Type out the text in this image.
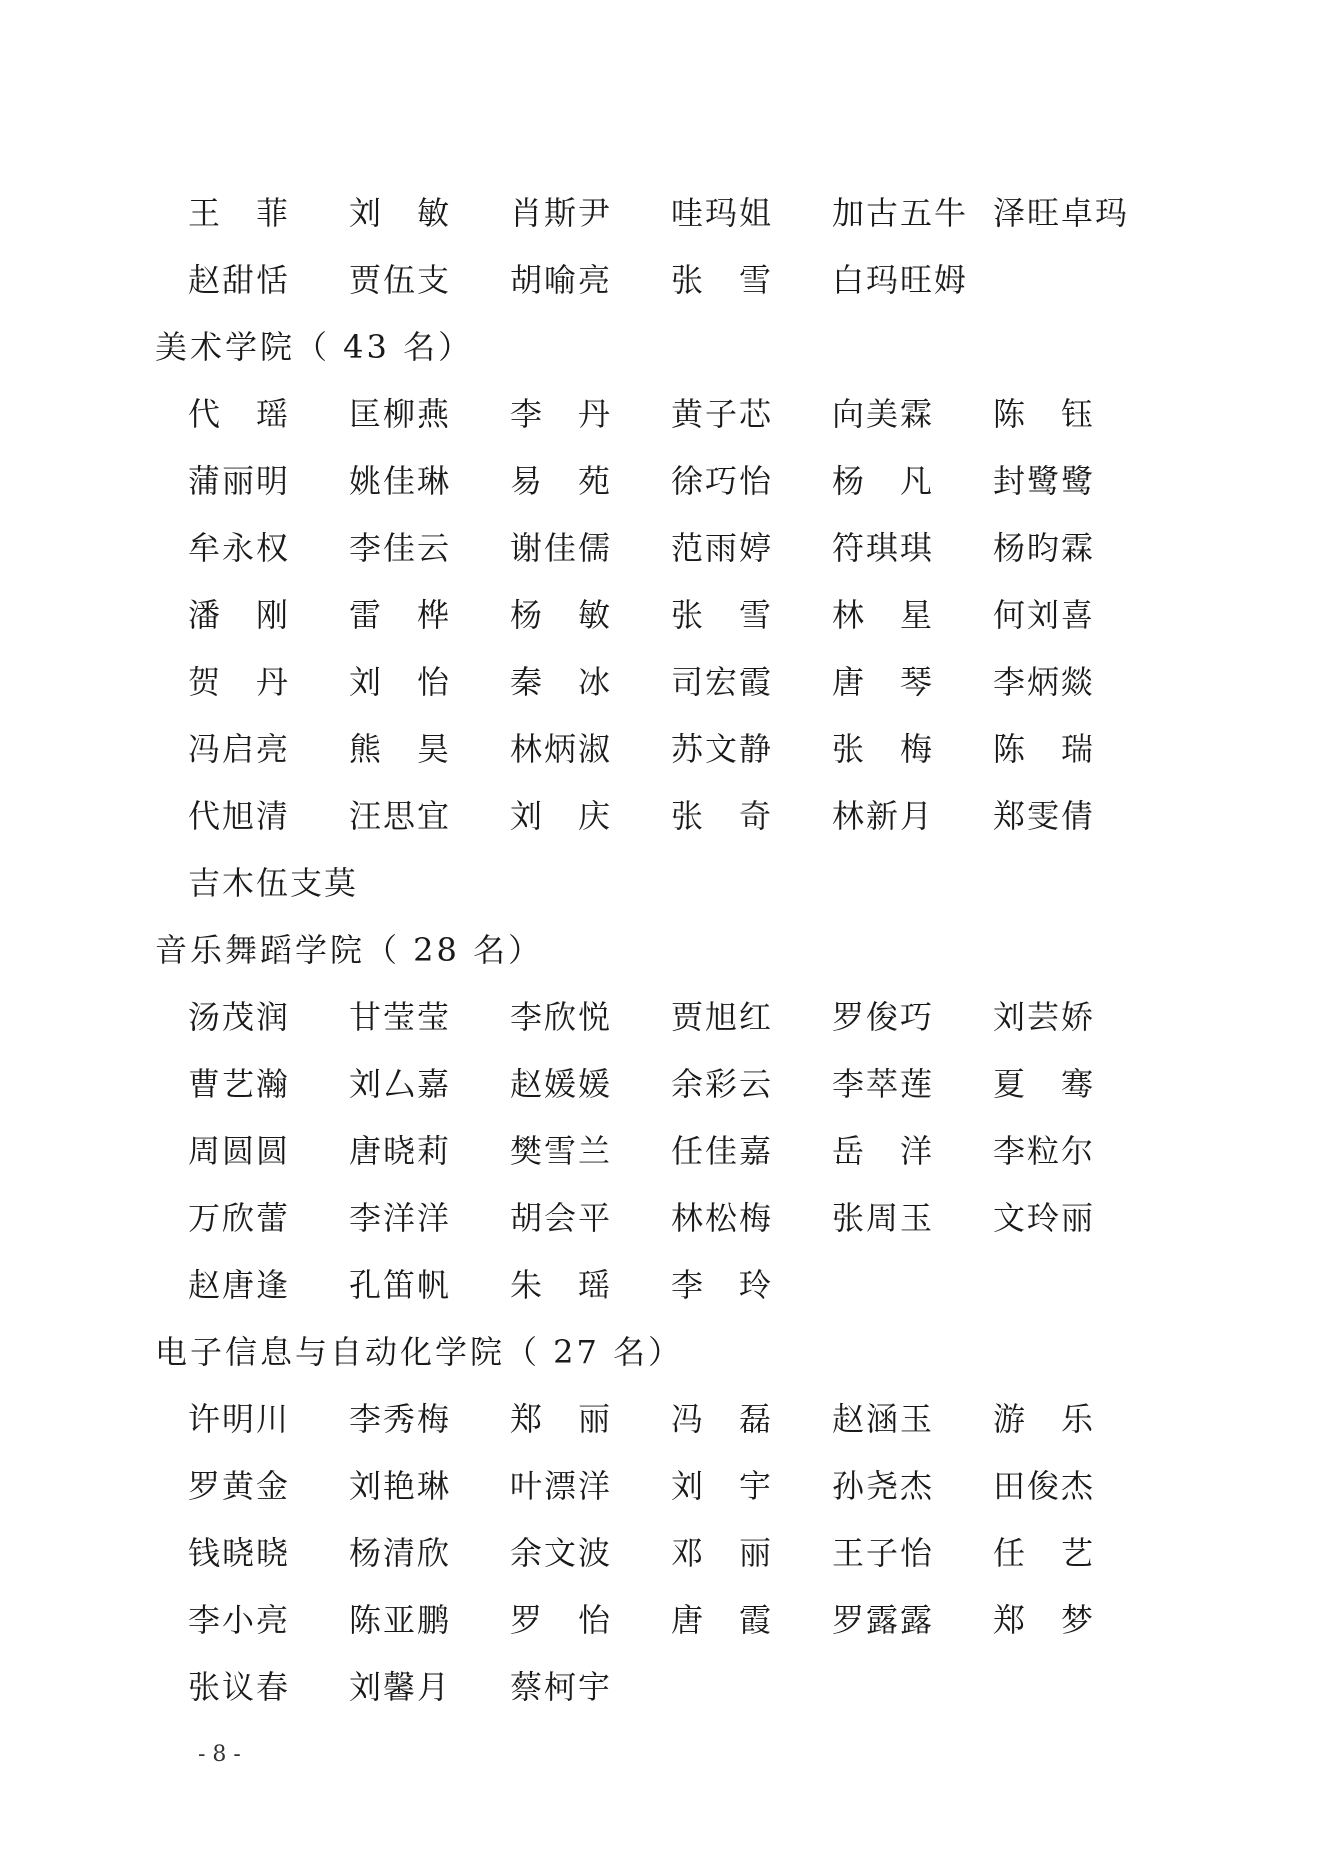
王　菲	刘　敏	肖斯尹	哇玛姐	加古五牛 泽旺卓玛
赵甜恬	贾伍支	胡喻亮	张　雪	白玛旺姆
美术学院（ 43 名）
代　瑶	匡柳燕	李　丹	黄子芯	向美霖	陈　钰
蒲丽明	姚佳琳	易　苑	徐巧怡	杨　凡	封鹭鹭
牟永权	李佳云	谢佳儒	范雨婷	符琪琪	杨昀霖
潘　刚	雷　桦	杨　敏	张　雪	林　星	何刘喜
贺　丹	刘　怡	秦　冰	司宏霞	唐　琴	李炳燚
冯启亮	熊　昊	林炳淑	苏文静	张　梅	陈　瑞
代旭清	汪思宜	刘　庆	张　奇	林新月	郑雯倩
吉木伍支莫
音乐舞蹈学院（ 28 名）
汤茂润	甘莹莹	李欣悦	贾旭红	罗俊巧	刘芸娇
曹艺瀚	刘厶嘉	赵媛媛	余彩云	李萃莲	夏　骞
周圆圆	唐晓莉	樊雪兰	任佳嘉	岳　洋	李粒尔
万欣蕾	李洋洋	胡会平	林松梅	张周玉	文玲丽
赵唐逢	孔笛帆	朱　瑶	李　玲
电子信息与自动化学院（ 27 名）
许明川	李秀梅	郑　丽	冯　磊	赵涵玉	游　乐
罗黄金	刘艳琳	叶漂洋	刘　宇	孙尧杰	田俊杰
钱晓晓	杨清欣	余文波	邓　丽	王子怡	任　艺
李小亮	陈亚鹏	罗　怡	唐　霞	罗露露	郑　梦
张议春	刘馨月	蔡柯宇
- 8 -
